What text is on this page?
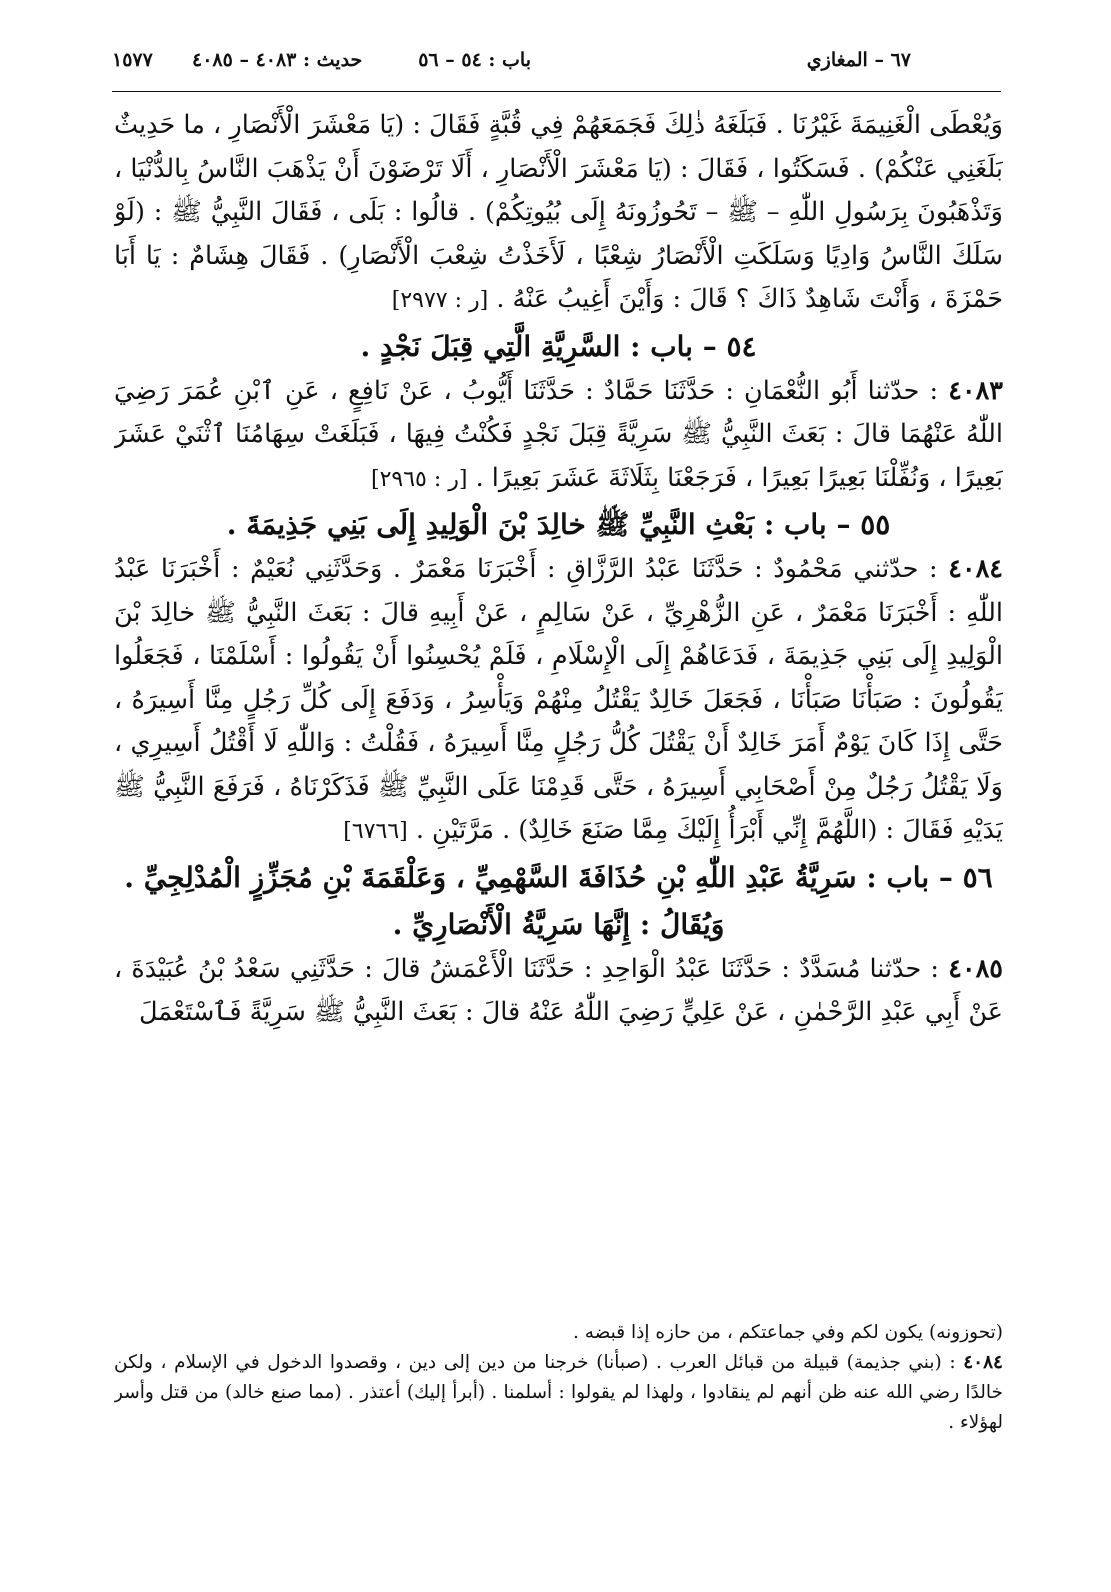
٦٧ – المغازي
باب : ٥٤ – ٥٦
حديث : ٤٠٨٣ – ٤٠٨٥
١٥٧٧

وَيُعْطَى الْغَنِيمَةَ غَيْرُنَا . فَبَلَغَهُ ذٰلِكَ فَجَمَعَهُمْ فِي قُبَّةٍ فَقَالَ : (يَا مَعْشَرَ الْأَنْصَارِ ، ما حَدِيثٌ بَلَغَنِي عَنْكُمْ) . فَسَكَتُوا ، فَقَالَ : (يَا مَعْشَرَ الْأَنْصَارِ ، أَلَا تَرْضَوْنَ أَنْ يَذْهَبَ النَّاسُ بِالدُّنْيَا ، وَتَذْهَبُونَ بِرَسُولِ اللّٰهِ – ﷺ – تَحُوزُونَهُ إِلَى بُيُوتِكُمْ) . قالُوا : بَلَى ، فَقَالَ النَّبِيُّ ﷺ : (لَوْ سَلَكَ النَّاسُ وَادِيًا وَسَلَكَتِ الْأَنْصَارُ شِعْبًا ، لَأَخَذْتُ شِعْبَ الْأَنْصَارِ) . فَقَالَ هِشَامٌ : يَا أَبَا حَمْزَةَ ، وَأَنْتَ شَاهِدٌ ذَاكَ ؟ قَالَ : وَأَيْنَ أَغِيبُ عَنْهُ . [ر : ٢٩٧٧]

٥٤ – باب : السَّرِيَّةِ الَّتِي قِبَلَ نَجْدٍ .

٤٠٨٣ : حدّثنا أَبُو النُّعْمَانِ : حَدَّثَنَا حَمَّادٌ : حَدَّثَنَا أَيُّوبُ ، عَنْ نَافِعٍ ، عَنِ ٱبْنِ عُمَرَ رَضِيَ اللّٰهُ عَنْهُمَا قالَ : بَعَثَ النَّبِيُّ ﷺ سَرِيَّةً قِبَلَ نَجْدٍ فَكُنْتُ فِيهَا ، فَبَلَغَتْ سِهَامُنَا ٱثْنَيْ عَشَرَ بَعِيرًا ، وَنُفِّلْنَا بَعِيرًا بَعِيرًا ، فَرَجَعْنَا بِثَلَاثَةَ عَشَرَ بَعِيرًا . [ر : ٢٩٦٥]

٥٥ – باب : بَعْثِ النَّبِيِّ ﷺ خالِدَ بْنَ الْوَلِيدِ إِلَى بَنِي جَذِيمَةَ .

٤٠٨٤ : حدّثني مَحْمُودٌ : حَدَّثَنَا عَبْدُ الرَّزَّاقِ : أَخْبَرَنَا مَعْمَرٌ . وَحَدَّثَنِي نُعَيْمٌ : أَخْبَرَنَا عَبْدُ اللّٰهِ : أَخْبَرَنَا مَعْمَرٌ ، عَنِ الزُّهْرِيِّ ، عَنْ سَالِمٍ ، عَنْ أَبِيهِ قالَ : بَعَثَ النَّبِيُّ ﷺ خالِدَ بْنَ الْوَلِيدِ إِلَى بَنِي جَذِيمَةَ ، فَدَعَاهُمْ إِلَى الْإِسْلَامِ ، فَلَمْ يُحْسِنُوا أَنْ يَقُولُوا : أَسْلَمْنَا ، فَجَعَلُوا يَقُولُونَ : صَبَأْنَا صَبَأْنَا ، فَجَعَلَ خَالِدٌ يَقْتُلُ مِنْهُمْ وَيَأْسِرُ ، وَدَفَعَ إِلَى كُلِّ رَجُلٍ مِنَّا أَسِيرَهُ ، حَتَّى إِذَا كَانَ يَوْمٌ أَمَرَ خَالِدٌ أَنْ يَقْتُلَ كُلُّ رَجُلٍ مِنَّا أَسِيرَهُ ، فَقُلْتُ : وَاللّٰهِ لَا أَقْتُلُ أَسِيرِي ، وَلَا يَقْتُلُ رَجُلٌ مِنْ أَصْحَابِي أَسِيرَهُ ، حَتَّى قَدِمْنَا عَلَى النَّبِيِّ ﷺ فَذَكَرْنَاهُ ، فَرَفَعَ النَّبِيُّ ﷺ يَدَيْهِ فَقَالَ : (اللَّهُمَّ إِنِّي أَبْرَأُ إِلَيْكَ مِمَّا صَنَعَ خَالِدٌ) . مَرَّتَيْنِ . [٦٧٦٦]

٥٦ – باب : سَرِيَّةُ عَبْدِ اللّٰهِ بْنِ حُذَافَةَ السَّهْمِيِّ ، وَعَلْقَمَةَ بْنِ مُجَزِّزٍ الْمُدْلِجِيِّ .

وَيُقَالُ : إِنَّهَا سَرِيَّةُ الْأَنْصَارِيِّ .

٤٠٨٥ : حدّثنا مُسَدَّدٌ : حَدَّثَنَا عَبْدُ الْوَاحِدِ : حَدَّثَنَا الْأَعْمَشُ قالَ : حَدَّثَنِي سَعْدُ بْنُ عُبَيْدَةَ ، عَنْ أَبِي عَبْدِ الرَّحْمٰنِ ، عَنْ عَلِيٍّ رَضِيَ اللّٰهُ عَنْهُ قالَ : بَعَثَ النَّبِيُّ ﷺ سَرِيَّةً فَٱسْتَعْمَلَ

(تحوزونه) يكون لكم وفي جماعتكم ، من حازه إذا قبضه .

٤٠٨٤ : (بني جذيمة) قبيلة من قبائل العرب . (صبأنا) خرجنا من دين إلى دين ، وقصدوا الدخول في الإسلام ، ولكن خالدًا رضي الله عنه ظن أنهم لم ينقادوا ، ولهذا لم يقولوا : أسلمنا . (أبرأ إليك) أعتذر . (مما صنع خالد) من قتل وأسر لهؤلاء .
